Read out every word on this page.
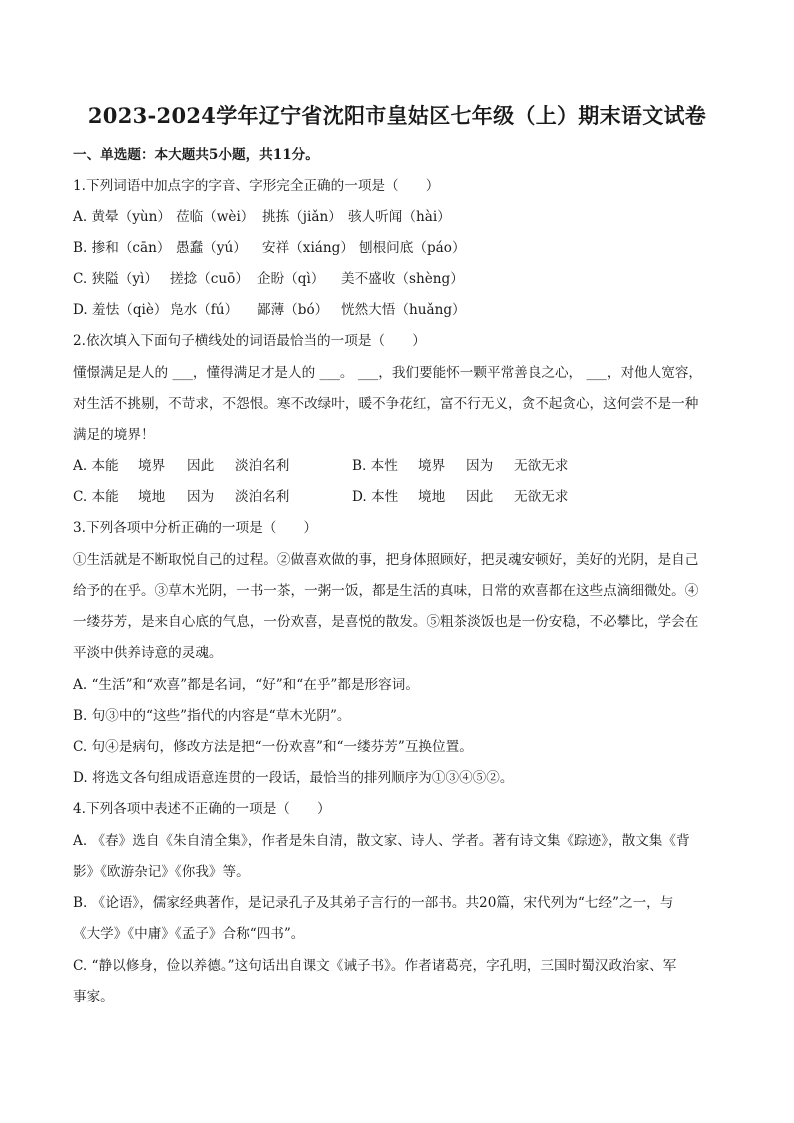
2023-2024学年辽宁省沈阳市皇姑区七年级（上）期末语文试卷
一、单选题：本大题共5小题，共11分。
1.下列词语中加点字的字音、字形完全正确的一项是（　　）
A. 黄晕（yùn） 莅临（wèi） 挑拣（jiǎn） 骇人听闻（hài）
B. 掺和（cān） 愚蠢（yú） 安祥（xiáng） 刨根问底（páo）
C. 狭隘（yì） 搓捻（cuō） 企盼（qì） 美不盛收（shèng）
D. 羞怯（qiè） 凫水（fú） 鄙薄（bó） 恍然大悟（huǎng）
2.依次填入下面句子横线处的词语最恰当的一项是（　　）
懂憬满足是人的 ___，懂得满足才是人的 ___。 ___，我们要能怀一颗平常善良之心， ___，对他人宽容，
对生活不挑剔，不苛求，不怨恨。寒不改绿叶，暖不争花红，富不行无义，贪不起贪心，这何尝不是一种
满足的境界！
A. 本能 境界 因此 淡泊名利	B. 本性 境界 因为 无欲无求
C. 本能 境地 因为 淡泊名利	D. 本性 境地 因此 无欲无求
3.下列各项中分析正确的一项是（　　）
①生活就是不断取悦自己的过程。②做喜欢做的事，把身体照顾好，把灵魂安顿好，美好的光阴，是自己
给予的在乎。③草木光阴，一书一茶，一粥一饭，都是生活的真味，日常的欢喜都在这些点滴细微处。④
一缕芬芳，是来自心底的气息，一份欢喜，是喜悦的散发。⑤粗茶淡饭也是一份安稳，不必攀比，学会在
平淡中供养诗意的灵魂。
A. “生活”和“欢喜”都是名词，“好”和“在乎”都是形容词。
B. 句③中的“这些”指代的内容是“草木光阴”。
C. 句④是病句，修改方法是把“一份欢喜”和“一缕芬芳”互换位置。
D. 将选文各句组成语意连贯的一段话，最恰当的排列顺序为①③④⑤②。
4.下列各项中表述不正确的一项是（　　）
A. 《春》选自《朱自清全集》，作者是朱自清，散文家、诗人、学者。著有诗文集《踪迹》，散文集《背
影》《欧游杂记》《你我》等。
B. 《论语》，儒家经典著作，是记录孔子及其弟子言行的一部书。共20篇，宋代列为“七经”之一，与
《大学》《中庸》《孟子》合称“四书”。
C. “静以修身，俭以养德。”这句话出自课文《诫子书》。作者诸葛亮，字孔明，三国时蜀汉政治家、军
事家。
